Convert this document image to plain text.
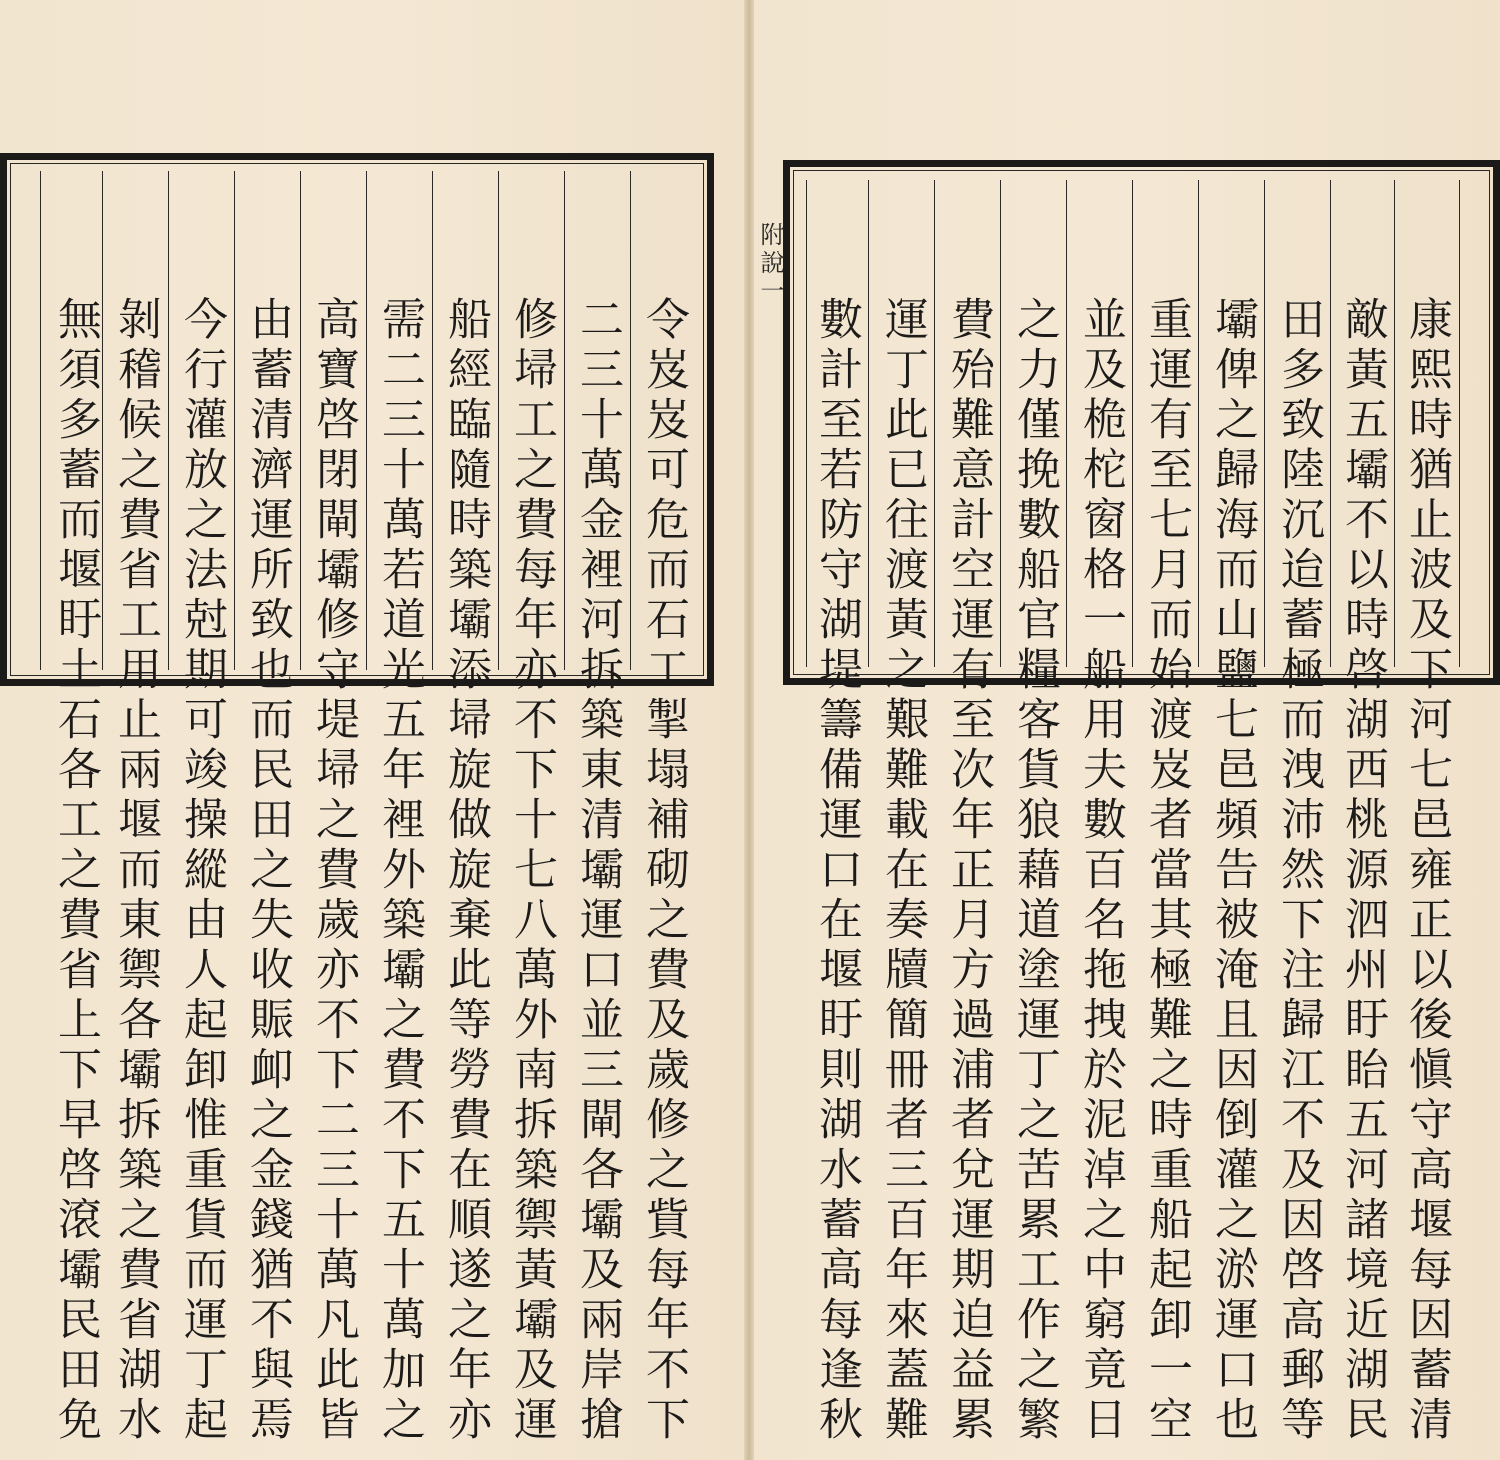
令岌岌可危而石工掣塌補砌之費及歲修之貲每年不下
二三十萬金裡河拆築東清壩運口並三閘各壩及兩岸搶
修埽工之費每年亦不下十七八萬外南拆築禦黃壩及運
船經臨隨時築壩添埽旋做旋棄此等勞費在順遂之年亦
需二三十萬若道光五年裡外築壩之費不下五十萬加之
高寶啓閉閘壩修守堤埽之費歲亦不下二三十萬凡此皆
由蓄清濟運所致也而民田之失收賑卹之金錢猶不與焉
今行灌放之法尅期可竣操縱由人起卸惟重貨而運丁起
剝稽候之費省工用止兩堰而東禦各壩拆築之費省湖水
無須多蓄而堰盱土石各工之費省上下早啓滾壩民田免	康熙時猶止波及下河七邑雍正以後愼守高堰每因蓄清
敵黃五壩不以時啓湖西桃源泗州盱眙五河諸境近湖民
田多致陸沉迨蓄極而洩沛然下注歸江不及因啓高郵等
壩俾之歸海而山鹽七邑頻告被淹且因倒灌之淤運口也
重運有至七月而始渡岌者當其極難之時重船起卸一空
並及桅柁窗格一船用夫數百名拖拽於泥淖之中窮竟日
之力僅挽數船官糧客貨狼藉道塗運丁之苦累工作之繁
費殆難意計空運有至次年正月方過浦者兌運期迫益累
運丁此已往渡黃之艱難載在奏牘簡冊者三百年來蓋難
數計至若防守湖堤籌備運口在堰盱則湖水蓄高每逢秋
附說一
